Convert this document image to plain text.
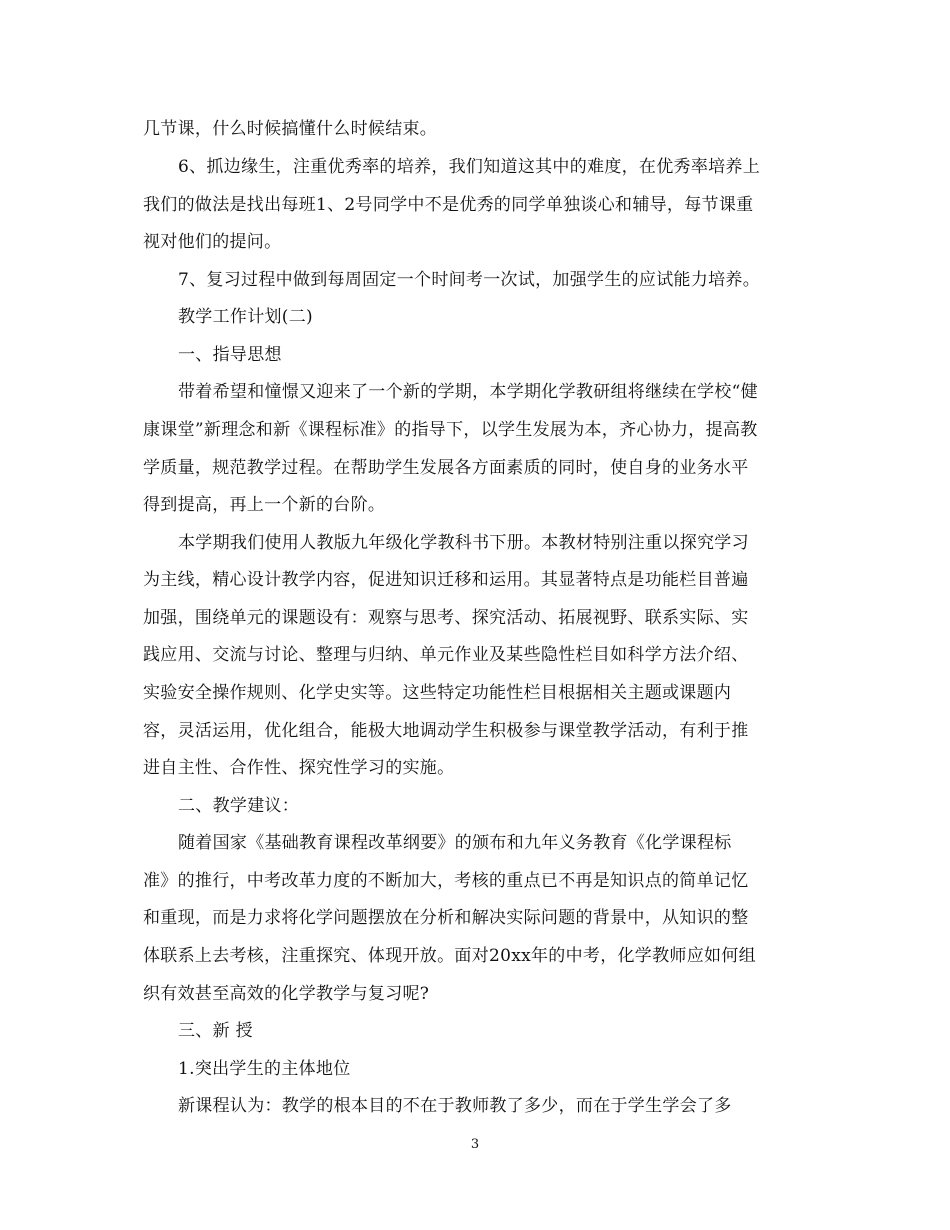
几节课，什么时候搞懂什么时候结束。
6、抓边缘生，注重优秀率的培养，我们知道这其中的难度，在优秀率培养上
我们的做法是找出每班1、2号同学中不是优秀的同学单独谈心和辅导，每节课重
视对他们的提问。
7、复习过程中做到每周固定一个时间考一次试，加强学生的应试能力培养。
教学工作计划(二)
一、指导思想
带着希望和憧憬又迎来了一个新的学期，本学期化学教研组将继续在学校“健
康课堂”新理念和新《课程标准》的指导下，以学生发展为本，齐心协力，提高教
学质量，规范教学过程。在帮助学生发展各方面素质的同时，使自身的业务水平
得到提高，再上一个新的台阶。
本学期我们使用人教版九年级化学教科书下册。本教材特别注重以探究学习
为主线，精心设计教学内容，促进知识迁移和运用。其显著特点是功能栏目普遍
加强，围绕单元的课题设有：观察与思考、探究活动、拓展视野、联系实际、实
践应用、交流与讨论、整理与归纳、单元作业及某些隐性栏目如科学方法介绍、
实验安全操作规则、化学史实等。这些特定功能性栏目根据相关主题或课题内
容，灵活运用，优化组合，能极大地调动学生积极参与课堂教学活动，有利于推
进自主性、合作性、探究性学习的实施。
二、教学建议：
随着国家《基础教育课程改革纲要》的颁布和九年义务教育《化学课程标
准》的推行，中考改革力度的不断加大，考核的重点已不再是知识点的简单记忆
和重现，而是力求将化学问题摆放在分析和解决实际问题的背景中，从知识的整
体联系上去考核，注重探究、体现开放。面对20xx年的中考，化学教师应如何组
织有效甚至高效的化学教学与复习呢?
三、新 授
1.突出学生的主体地位
新课程认为：教学的根本目的不在于教师教了多少，而在于学生学会了多
3
